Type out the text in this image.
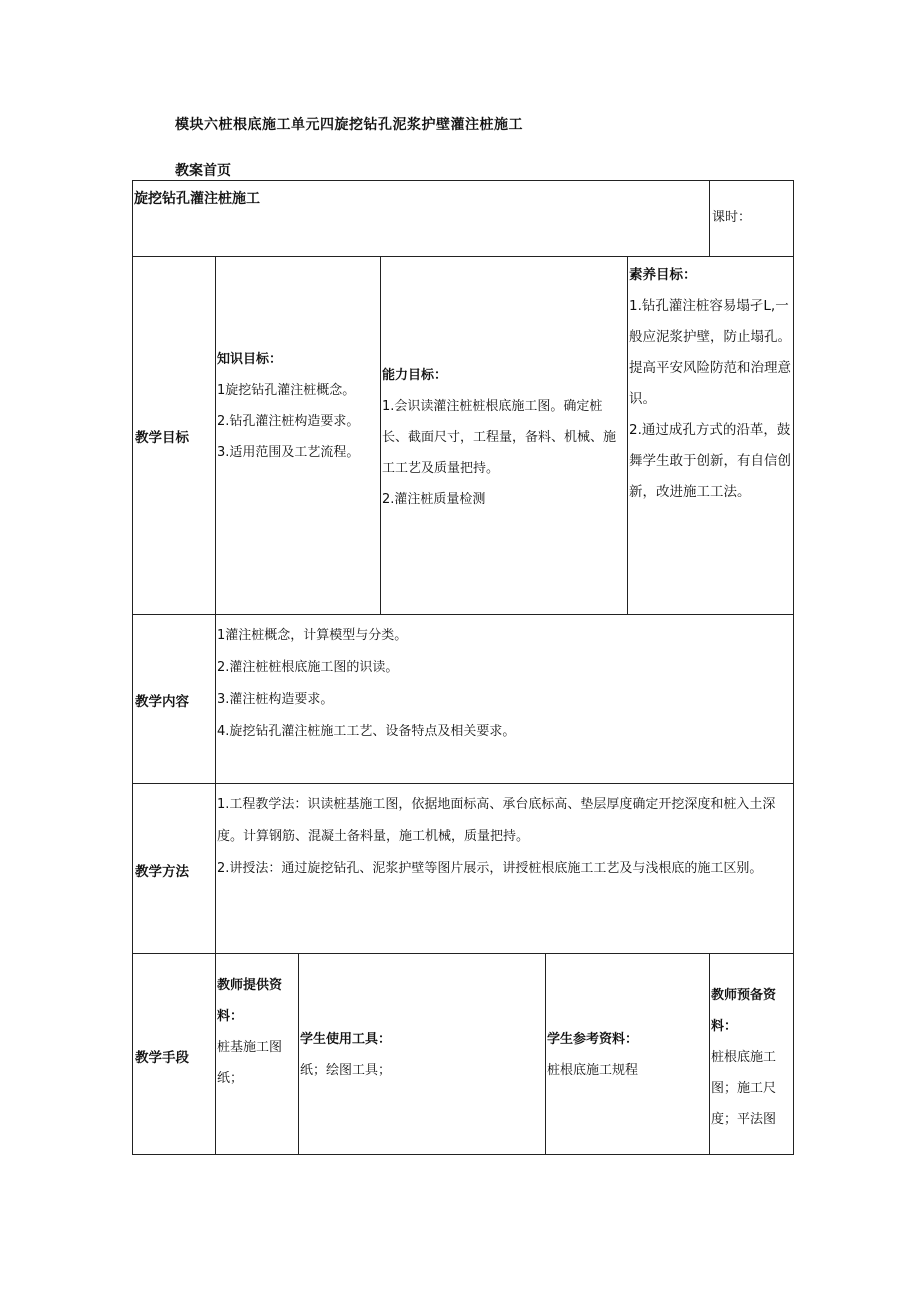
模块六桩根底施工单元四旋挖钻孔泥浆护壁灌注桩施工
教案首页
旋挖钻孔灌注桩施工
课时：
教学目标

知识目标：

1旋挖钻孔灌注桩概念。

2.钻孔灌注桩构造要求。

3.适用范围及工艺流程。

能力目标：

1.会识读灌注桩桩根底施工图。确定桩长、截面尺寸，工程量，备料、机械、施工工艺及质量把持。

2.灌注桩质量检测

素养目标：

1.钻孔灌注桩容易塌孑L,一般应泥浆护壁，防止塌孔。提高平安风险防范和治理意识。

2.通过成孔方式的沿革，鼓舞学生敢于创新，有自信创新，改进施工工法。

教学内容

1灌注桩概念，计算模型与分类。

2.灌注桩桩根底施工图的识读。

3.灌注桩构造要求。

4.旋挖钻孔灌注桩施工工艺、设备特点及相关要求。

教学方法

1.工程教学法：识读桩基施工图，依据地面标高、承台底标高、垫层厚度确定开挖深度和桩入土深度。计算钢筋、混凝土备料量，施工机械，质量把持。

2.讲授法：通过旋挖钻孔、泥浆护壁等图片展示，讲授桩根底施工工艺及与浅根底的施工区别。

教学手段

教师提供资料：

桩基施工图纸；

学生使用工具：

纸；绘图工具；

学生参考资料：

桩根底施工规程

教师预备资料：

桩根底施工图；施工尺度；平法图
